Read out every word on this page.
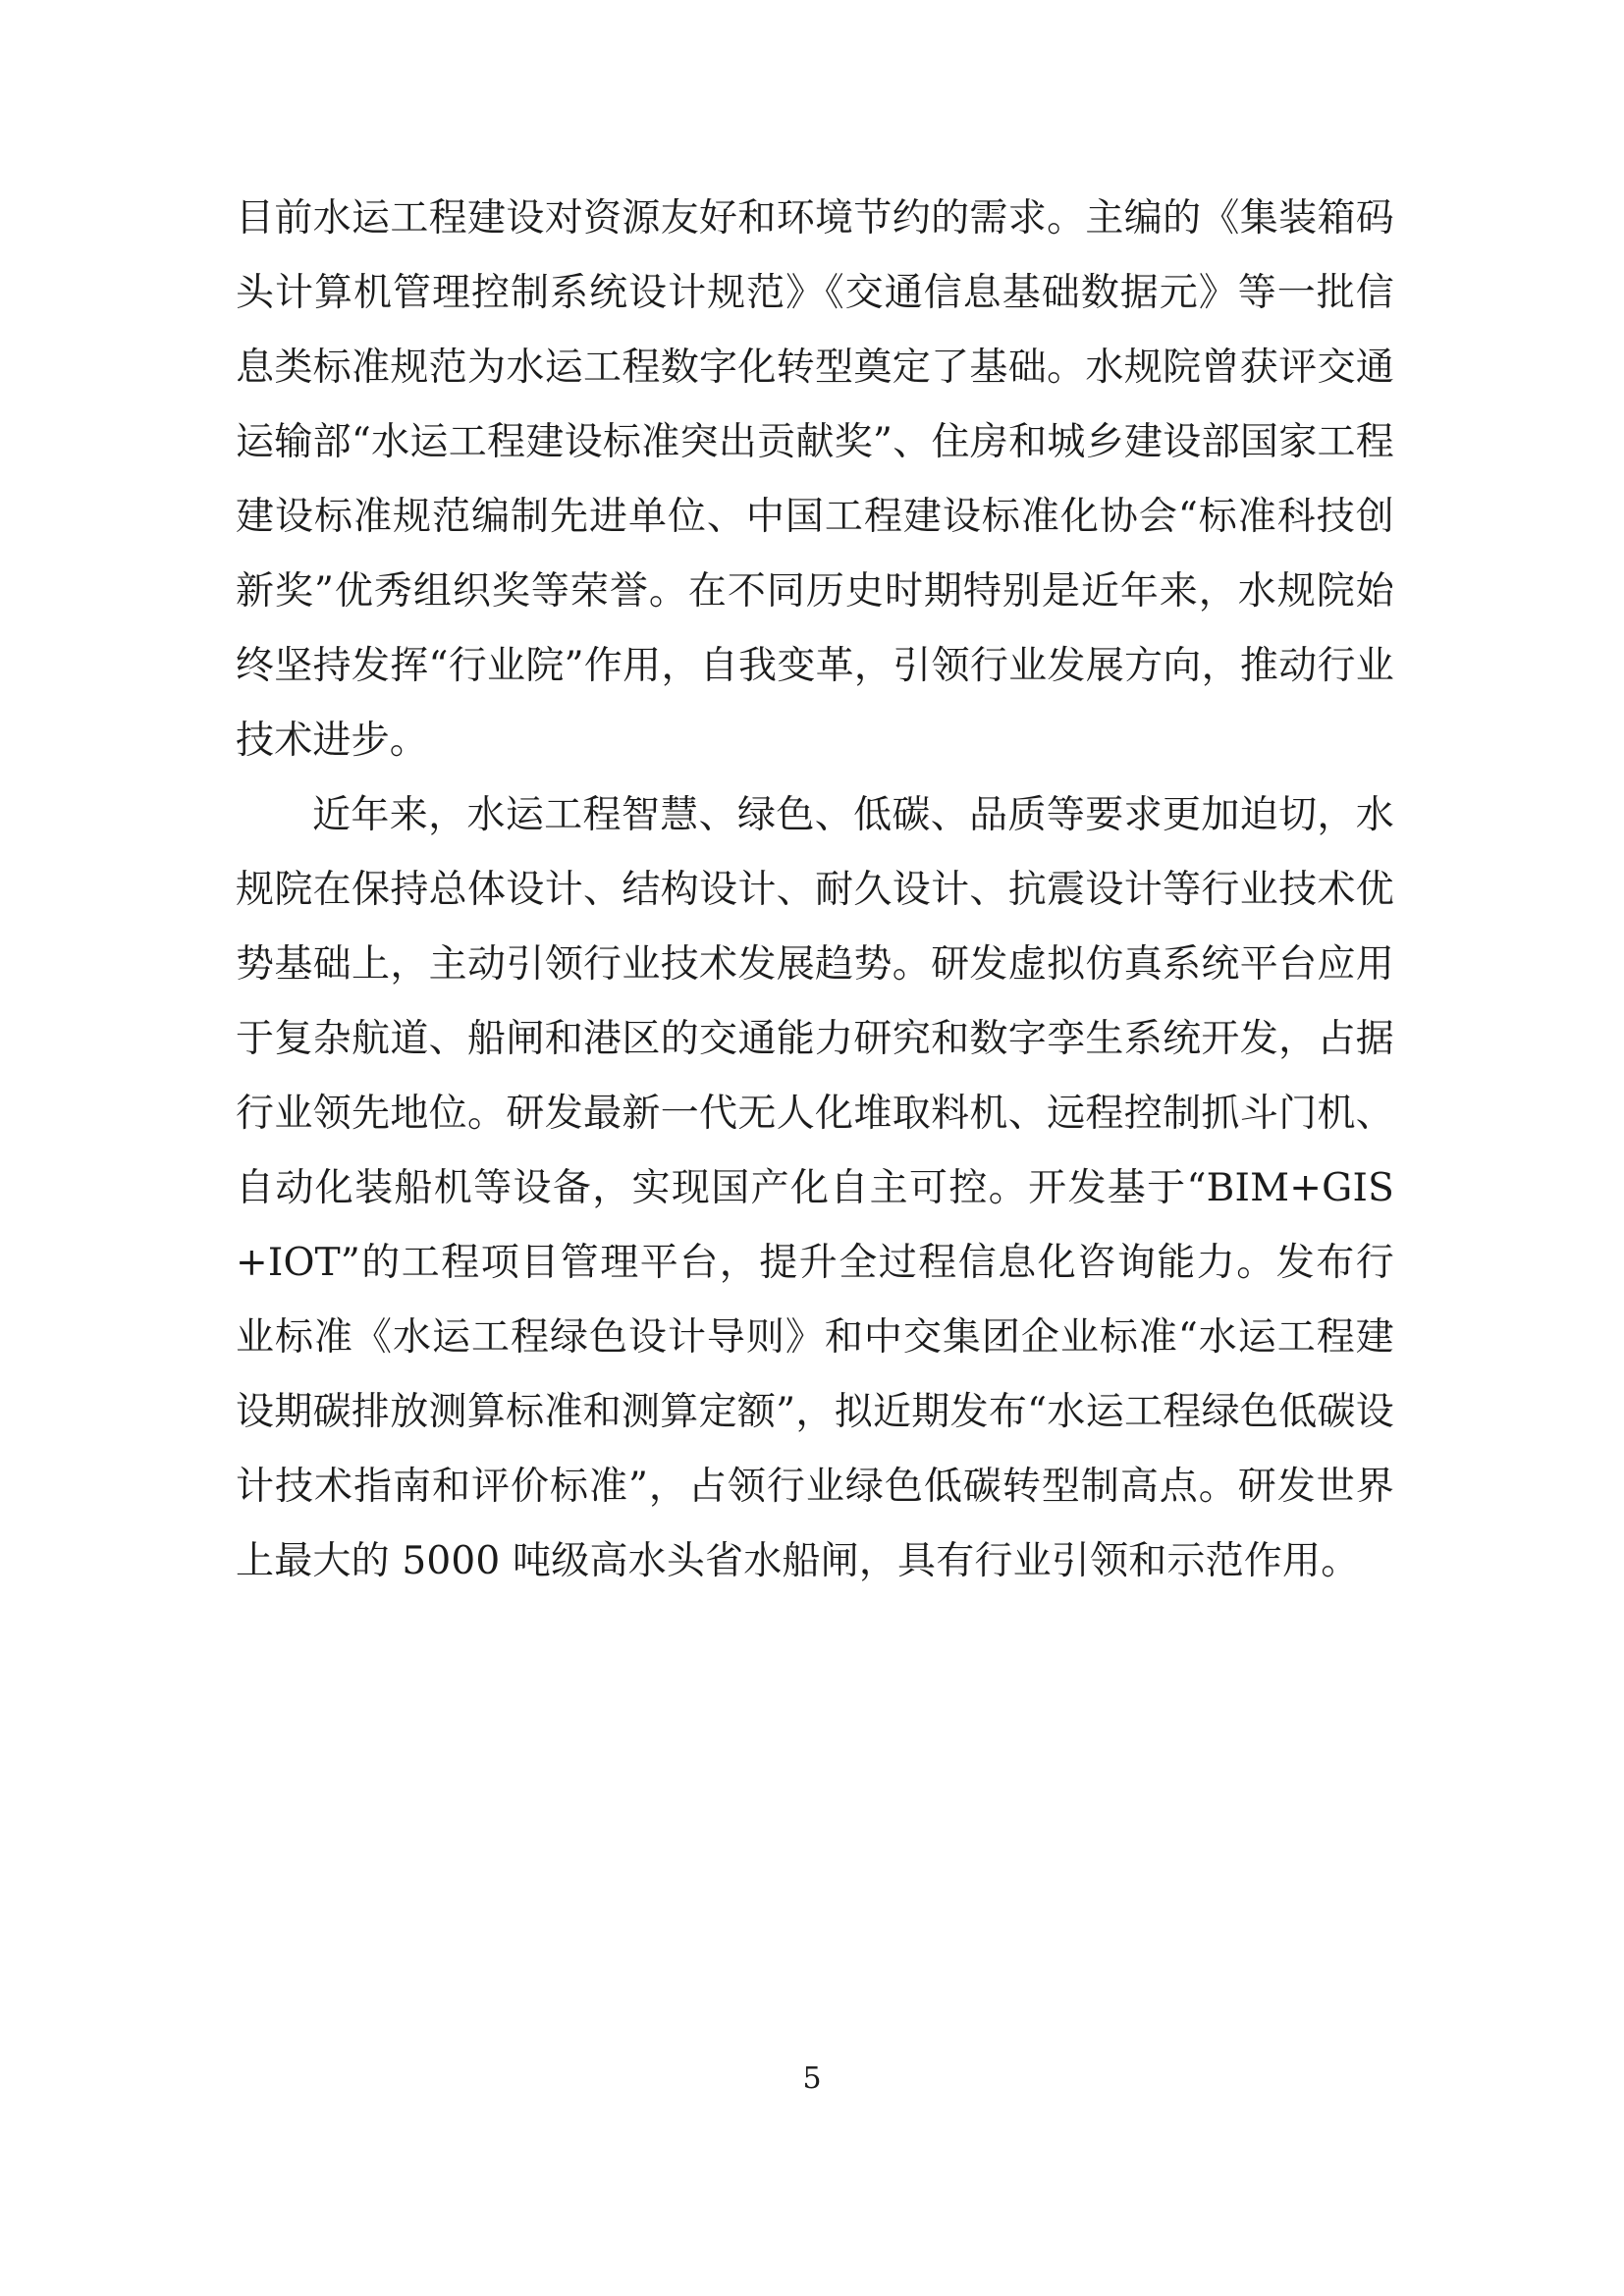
目前水运工程建设对资源友好和环境节约的需求。主编的《集装箱码头计算机管理控制系统设计规范》《交通信息基础数据元》等一批信息类标准规范为水运工程数字化转型奠定了基础。水规院曾获评交通运输部“水运工程建设标准突出贡献奖”、住房和城乡建设部国家工程建设标准规范编制先进单位、中国工程建设标准化协会“标准科技创新奖”优秀组织奖等荣誉。在不同历史时期特别是近年来，水规院始终坚持发挥“行业院”作用，自我变革，引领行业发展方向，推动行业技术进步。

近年来，水运工程智慧、绿色、低碳、品质等要求更加迫切，水规院在保持总体设计、结构设计、耐久设计、抗震设计等行业技术优势基础上，主动引领行业技术发展趋势。研发虚拟仿真系统平台应用于复杂航道、船闸和港区的交通能力研究和数字孪生系统开发，占据行业领先地位。研发最新一代无人化堆取料机、远程控制抓斗门机、自动化装船机等设备，实现国产化自主可控。开发基于“BIM+GIS+IOT”的工程项目管理平台，提升全过程信息化咨询能力。发布行业标准《水运工程绿色设计导则》和中交集团企业标准“水运工程建设期碳排放测算标准和测算定额”，拟近期发布“水运工程绿色低碳设计技术指南和评价标准”，占领行业绿色低碳转型制高点。研发世界上最大的 5000 吨级高水头省水船闸，具有行业引领和示范作用。

5
